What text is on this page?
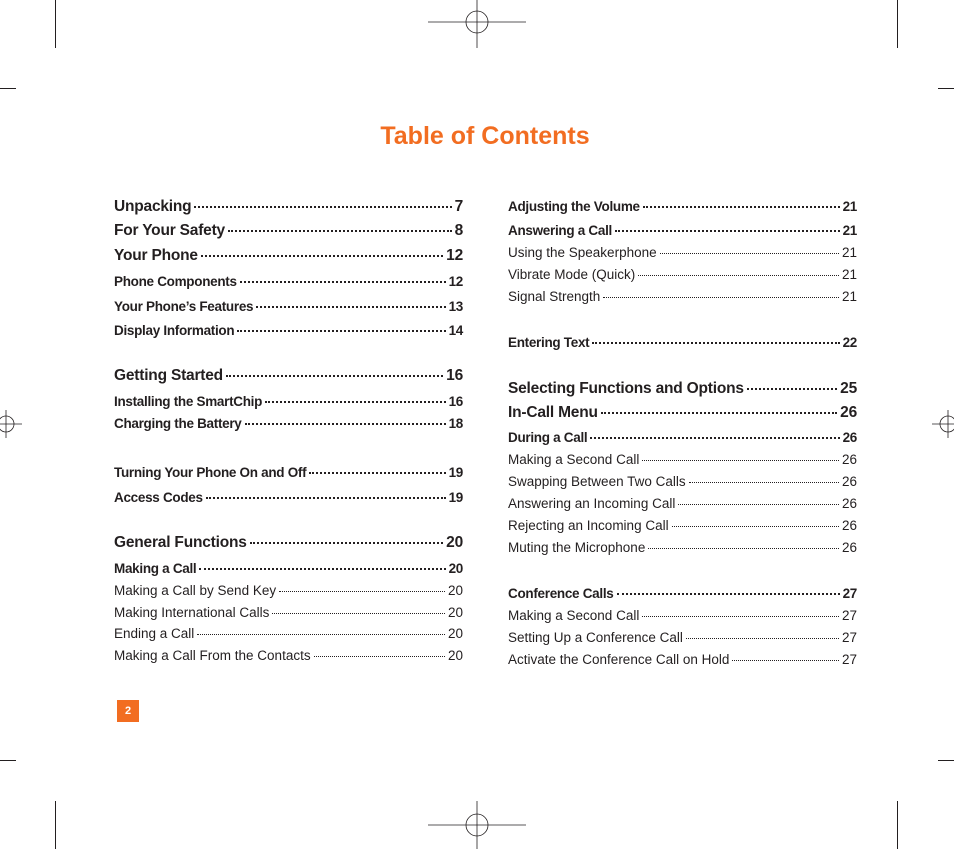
Table of Contents
Unpacking	7
For Your Safety	8
Your Phone	12
Phone Components	12
Your Phone’s Features	13
Display Information	14
Getting Started	16
Installing the SmartChip	16
Charging the Battery	18
Turning Your Phone On and Off	19
Access Codes	19
General Functions	20
Making a Call	20
Making a Call by Send Key	20
Making International Calls	20
Ending a Call	20
Making a Call From the Contacts	20
Adjusting the Volume	21
Answering a Call	21
Using the Speakerphone	21
Vibrate Mode (Quick)	21
Signal Strength	21
Entering Text	22
Selecting Functions and Options	25
In-Call Menu	26
During a Call	26
Making a Second Call	26
Swapping Between Two Calls	26
Answering an Incoming Call	26
Rejecting an Incoming Call	26
Muting the Microphone	26
Conference Calls	27
Making a Second Call	27
Setting Up a Conference Call	27
Activate the Conference Call on Hold	27
2
